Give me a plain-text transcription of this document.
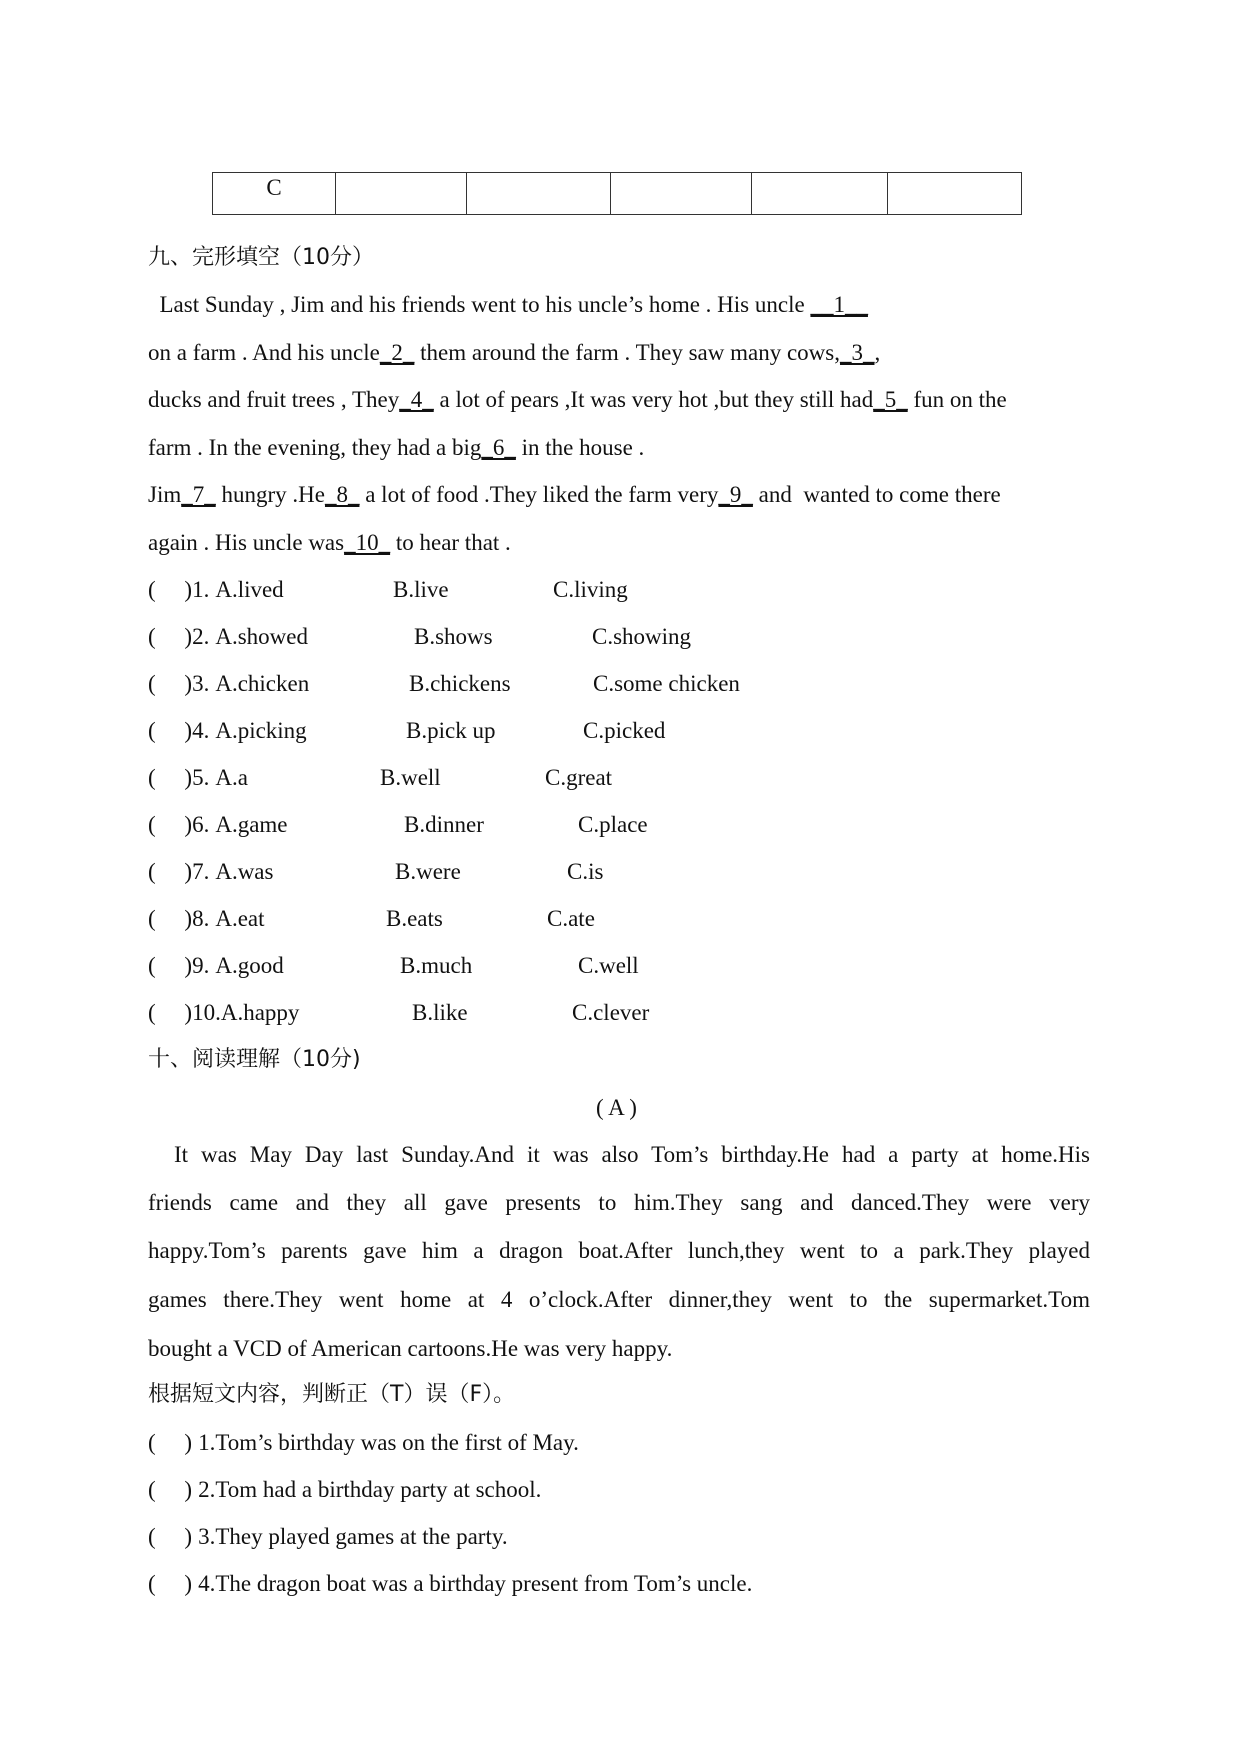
C					
九、完形填空（10分）
Last Sunday , Jim and his friends went to his uncle’s home . His uncle __1__
on a farm . And his uncle_2_ them around the farm . They saw many cows,_3_,
ducks and fruit trees , They_4_ a lot of pears ,It was very hot ,but they still had_5_ fun on the
farm . In the evening, they had a big_6_ in the house .
Jim_7_ hungry .He_8_ a lot of food .They liked the farm very_9_ and  wanted to come there
again . His uncle was_10_ to hear that .
(     )1. A.lived	B.live	C.living
(     )2. A.showed	B.shows	C.showing
(     )3. A.chicken	B.chickens	C.some chicken
(     )4. A.picking	B.pick up	C.picked
(     )5. A.a	B.well	C.great
(     )6. A.game	B.dinner	C.place
(     )7. A.was	B.were	C.is
(     )8. A.eat	B.eats	C.ate
(     )9. A.good	B.much	C.well
(     )10.A.happy	B.like	C.clever
十、阅读理解（10分)
( A )
It was May Day last Sunday.And it was also Tom’s birthday.He had a party at home.His
friends came and they all gave presents to him.They sang and danced.They were very
happy.Tom’s parents gave him a dragon boat.After lunch,they went to a park.They played
games there.They went home at 4 o’clock.After dinner,they went to the supermarket.Tom
bought a VCD of American cartoons.He was very happy.
根据短文内容，判断正（T）误（F）。
(     ) 1.Tom’s birthday was on the first of May.
(     ) 2.Tom had a birthday party at school.
(     ) 3.They played games at the party.
(     ) 4.The dragon boat was a birthday present from Tom’s uncle.
